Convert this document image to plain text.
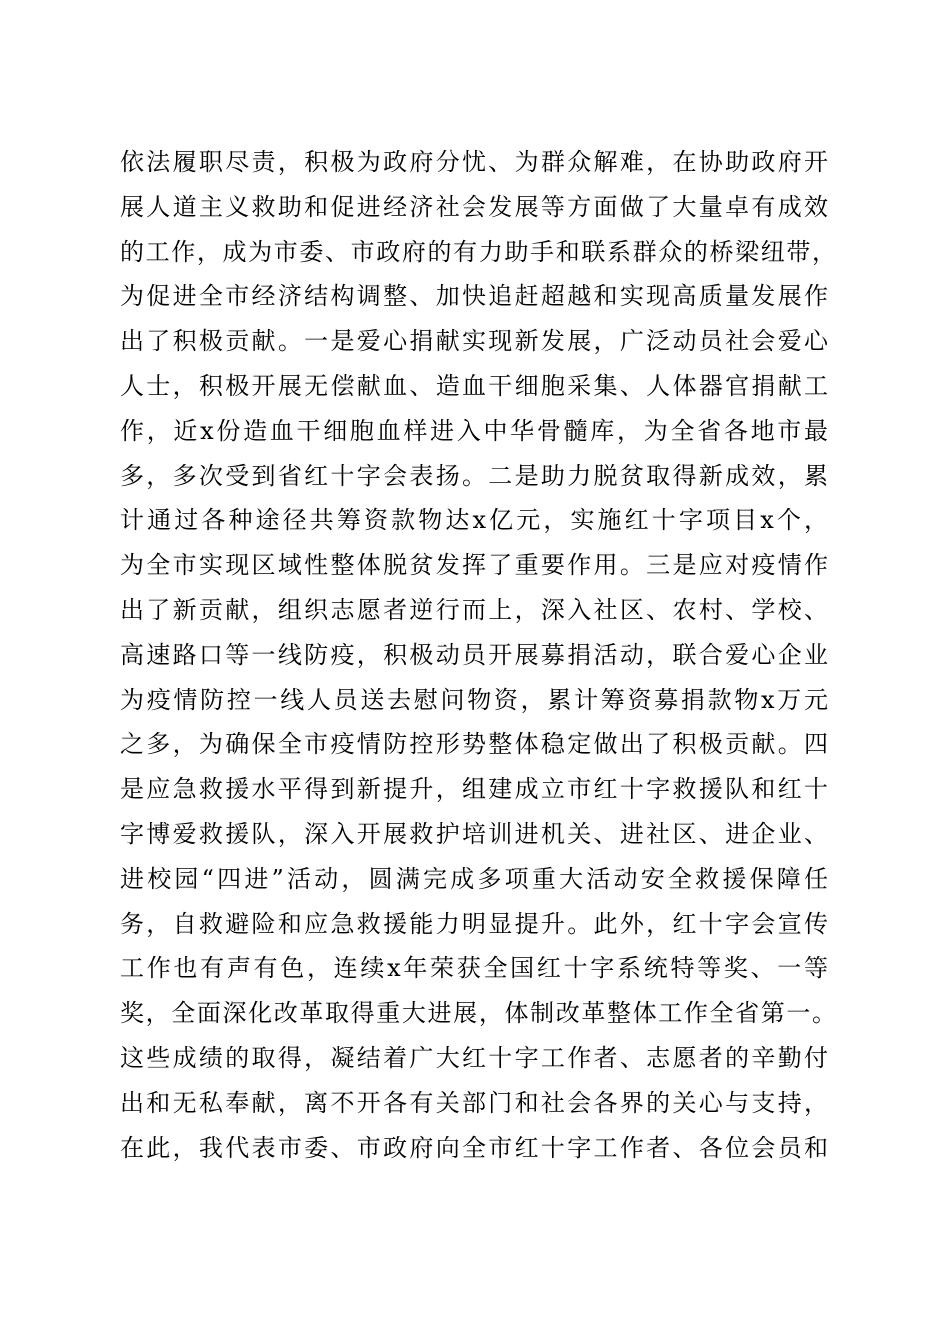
依法履职尽责，积极为政府分忧、为群众解难，在协助政府开
展人道主义救助和促进经济社会发展等方面做了大量卓有成效
的工作，成为市委、市政府的有力助手和联系群众的桥梁纽带，
为促进全市经济结构调整、加快追赶超越和实现高质量发展作
出了积极贡献。一是爱心捐献实现新发展，广泛动员社会爱心
人士，积极开展无偿献血、造血干细胞采集、人体器官捐献工
作，近x份造血干细胞血样进入中华骨髓库，为全省各地市最
多，多次受到省红十字会表扬。二是助力脱贫取得新成效，累
计通过各种途径共筹资款物达x亿元，实施红十字项目x个，
为全市实现区域性整体脱贫发挥了重要作用。三是应对疫情作
出了新贡献，组织志愿者逆行而上，深入社区、农村、学校、
高速路口等一线防疫，积极动员开展募捐活动，联合爱心企业
为疫情防控一线人员送去慰问物资，累计筹资募捐款物x万元
之多，为确保全市疫情防控形势整体稳定做出了积极贡献。四
是应急救援水平得到新提升，组建成立市红十字救援队和红十
字博爱救援队，深入开展救护培训进机关、进社区、进企业、
进校园“四进”活动，圆满完成多项重大活动安全救援保障任
务，自救避险和应急救援能力明显提升。此外，红十字会宣传
工作也有声有色，连续x年荣获全国红十字系统特等奖、一等
奖，全面深化改革取得重大进展，体制改革整体工作全省第一。
这些成绩的取得，凝结着广大红十字工作者、志愿者的辛勤付
出和无私奉献，离不开各有关部门和社会各界的关心与支持，
在此，我代表市委、市政府向全市红十字工作者、各位会员和
